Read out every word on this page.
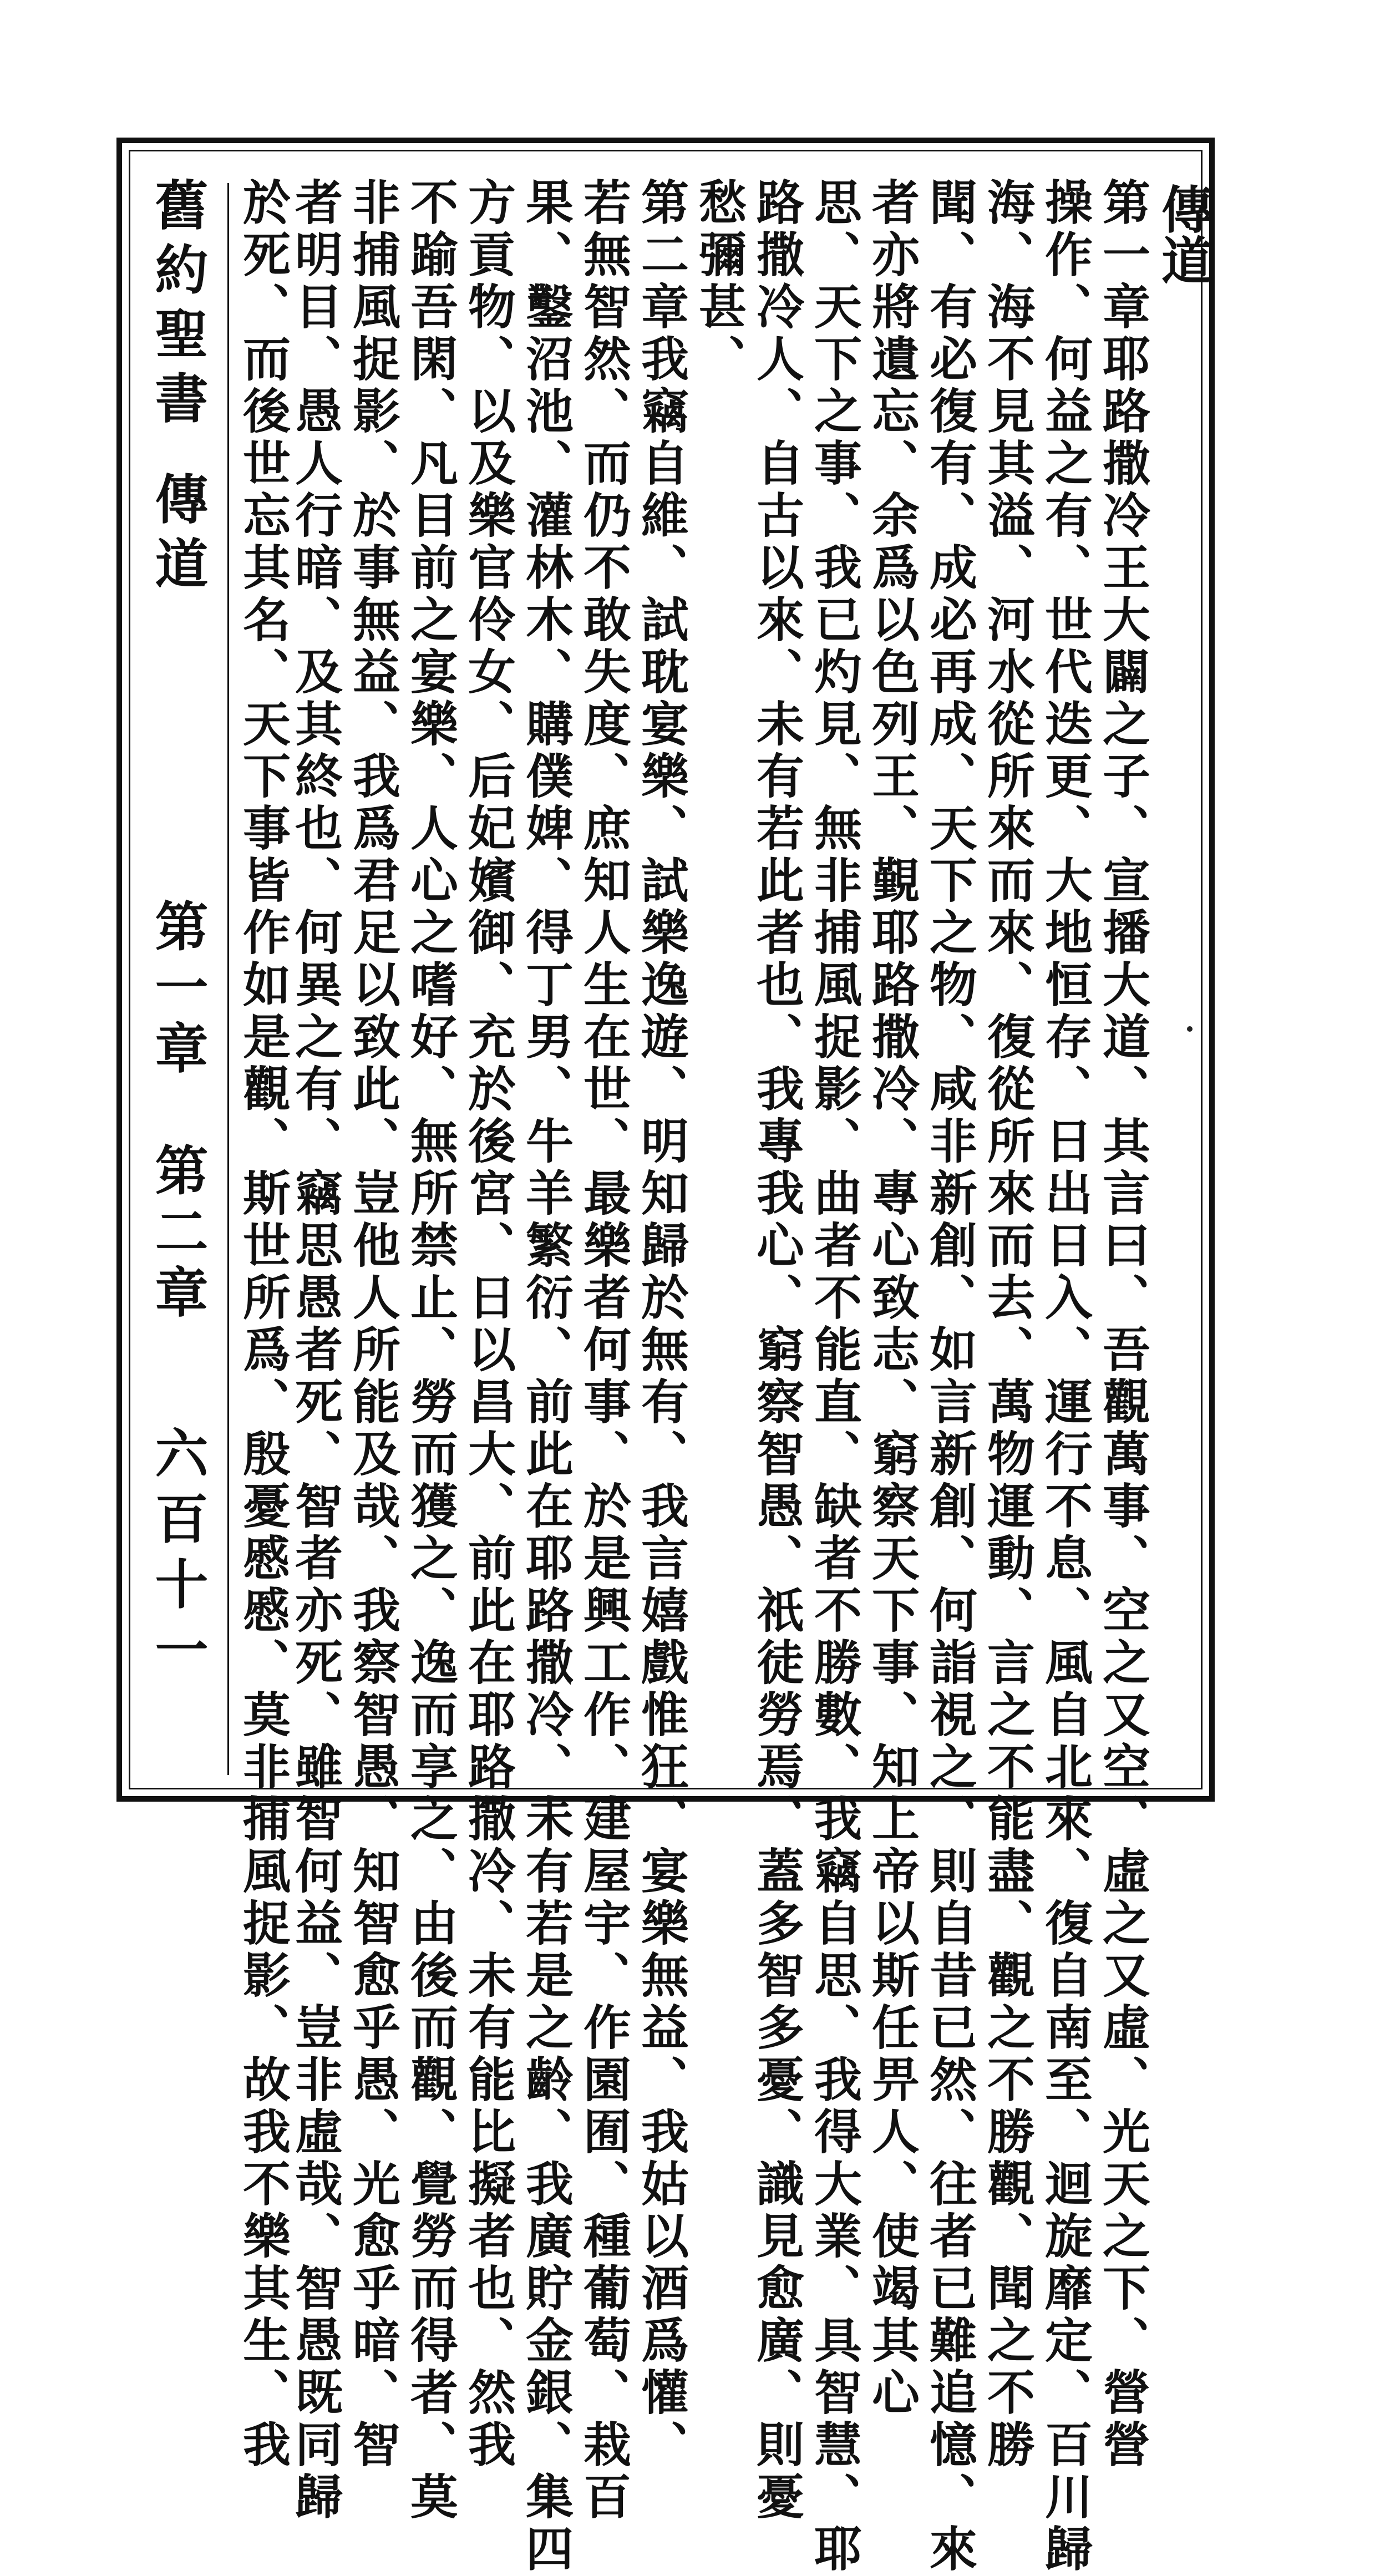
傳道
舊約聖書
傳道
第一章　第二章
六百十一	第一章耶路撒冷王大闢之子、宣播大道、其言曰、吾觀萬事、空之又空、虛之又虛、光天之下、營營
操作、何益之有、世代迭更、大地恒存、日出日入、運行不息、風自北來、復自南至、迴旋靡定、百川歸
海、海不見其溢、河水從所來而來、復從所來而去、萬物運動、言之不能盡、觀之不勝觀、聞之不勝
聞、有必復有、成必再成、天下之物、咸非新創、如言新創、何詣視之、則自昔已然、往者已難追憶、來
者亦將遺忘、余爲以色列王、覲耶路撒冷、專心致志、窮察天下事、知上帝以斯任畀人、使竭其心
思、天下之事、我已灼見、無非捕風捉影、曲者不能直、缺者不勝數、我竊自思、我得大業、具智慧、耶
路撒冷人、自古以來、未有若此者也、我專我心、窮察智愚、祇徒勞焉、蓋多智多憂、識見愈廣、則憂
愁彌甚、
第二章我竊自維、試耽宴樂、試樂逸遊、明知歸於無有、我言嬉戲惟狂、宴樂無益、我姑以酒爲懽、
若無智然、而仍不敢失度、庶知人生在世、最樂者何事、於是興工作、建屋宇、作園囿、種葡萄、栽百
果、鑿沼池、灌林木、購僕婢、得丁男、牛羊繁衍、前此在耶路撒冷、未有若是之齡、我廣貯金銀、集四
方貢物、以及樂官伶女、后妃嬪御、充於後宮、日以昌大、前此在耶路撒冷、未有能比擬者也、然我
不踰吾閑、凡目前之宴樂、人心之嗜好、無所禁止、勞而獲之、逸而享之、由後而觀、覺勞而得者、莫
非捕風捉影、於事無益、我爲君足以致此、豈他人所能及哉、我察智愚、知智愈乎愚、光愈乎暗、智
者明目、愚人行暗、及其終也、何異之有、竊思愚者死、智者亦死、雖智何益、豈非虛哉、智愚既同歸
於死、而後世忘其名、天下事皆作如是觀、斯世所爲、殷憂慼慼、莫非捕風捉影、故我不樂其生、我
